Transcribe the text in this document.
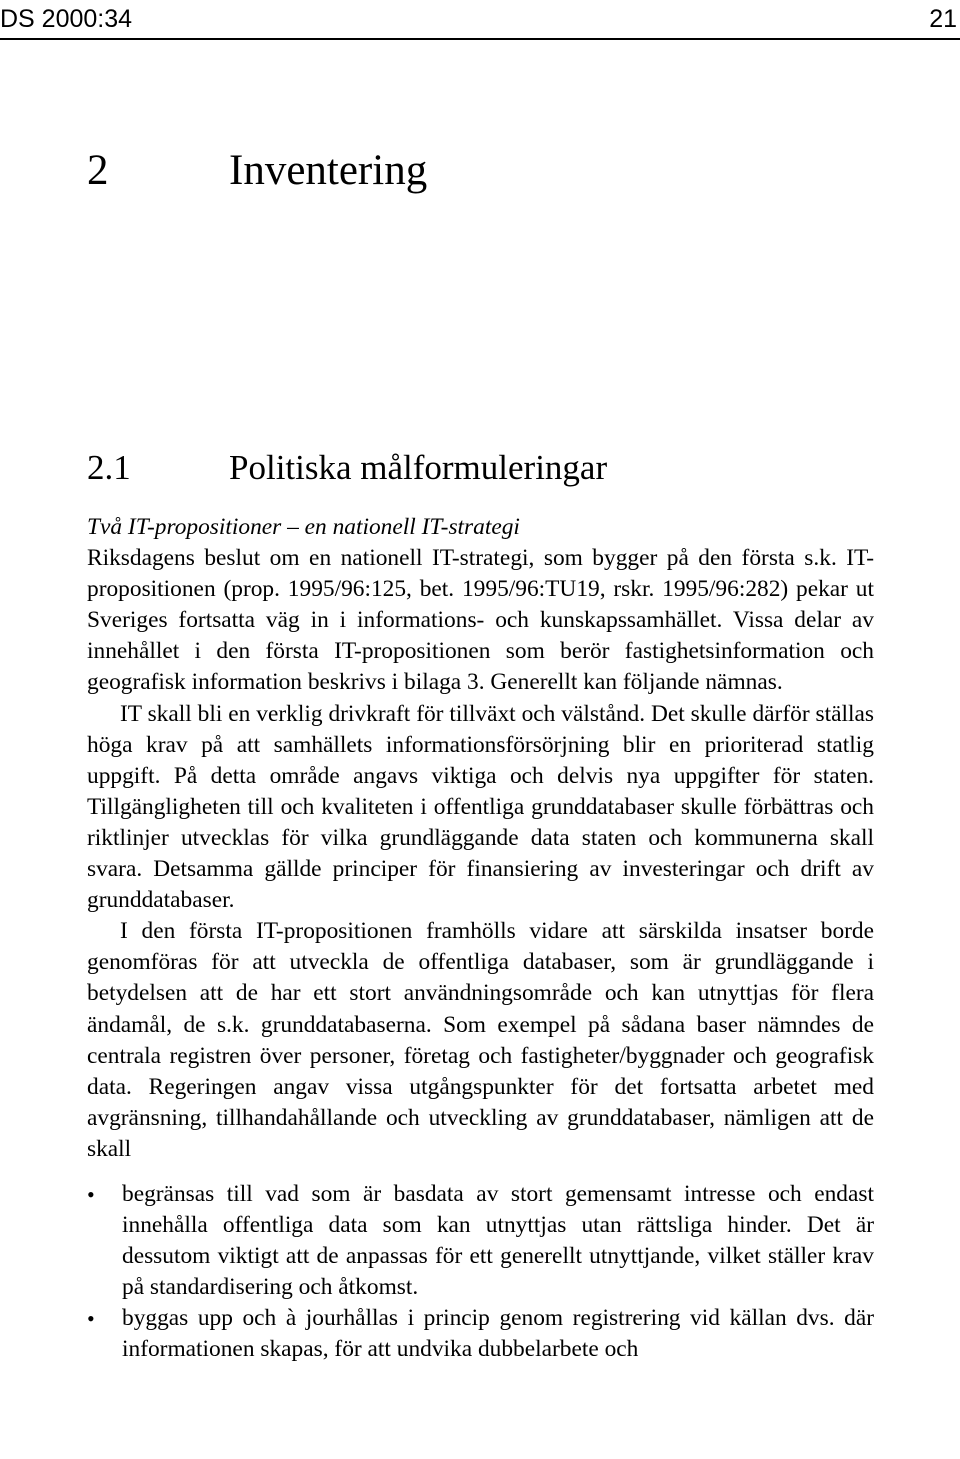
DS 2000:34	21
2	Inventering
2.1	Politiska målformuleringar

Två IT-propositioner – en nationell IT-strategi

Riksdagens beslut om en nationell IT-strategi, som bygger på den första s.k. IT-propositionen (prop. 1995/96:125, bet. 1995/96:TU19, rskr. 1995/96:282) pekar ut Sveriges fortsatta väg in i informations- och kunskapssamhället. Vissa delar av innehållet i den första IT-propositionen som berör fastighetsinformation och geografisk information beskrivs i bilaga 3. Generellt kan följande nämnas.

IT skall bli en verklig drivkraft för tillväxt och välstånd. Det skulle därför ställas höga krav på att samhällets informationsförsörjning blir en prioriterad statlig uppgift. På detta område angavs viktiga och delvis nya uppgifter för staten. Tillgängligheten till och kvaliteten i offentliga grunddatabaser skulle förbättras och riktlinjer utvecklas för vilka grundläggande data staten och kommunerna skall svara. Detsamma gällde principer för finansiering av investeringar och drift av grunddatabaser.

I den första IT-propositionen framhölls vidare att särskilda insatser borde genomföras för att utveckla de offentliga databaser, som är grundläggande i betydelsen att de har ett stort användningsområde och kan utnyttjas för flera ändamål, de s.k. grunddatabaserna. Som exempel på sådana baser nämndes de centrala registren över personer, företag och fastigheter/byggnader och geografisk data. Regeringen angav vissa utgångspunkter för det fortsatta arbetet med avgränsning, tillhandahållande och utveckling av grunddatabaser, nämligen att de skall

• begränsas till vad som är basdata av stort gemensamt intresse och endast innehålla offentliga data som kan utnyttjas utan rättsliga hinder. Det är dessutom viktigt att de anpassas för ett generellt utnyttjande, vilket ställer krav på standardisering och åtkomst.
• byggas upp och à jourhållas i princip genom registrering vid källan dvs. där informationen skapas, för att undvika dubbelarbete och
